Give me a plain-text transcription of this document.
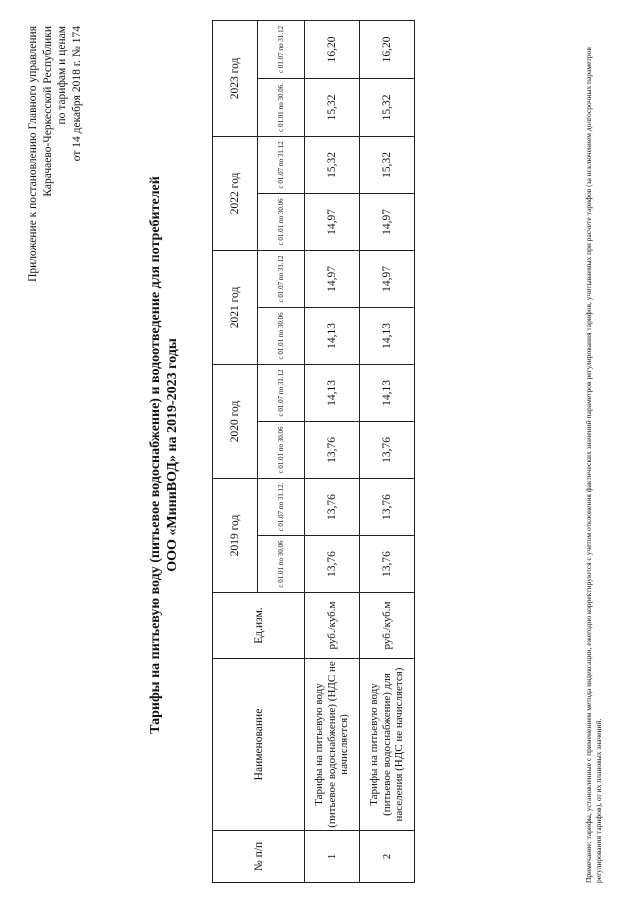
Приложение к постановлению Главного управления Карачаево-Черкесской Республики по тарифам и ценам от 14 декабря 2018 г. № 174
Тарифы на питьевую воду (питьевое водоснабжение) и водоотведение для потребителей ООО «МиниВОД» на 2019-2023 годы
№ п/п	Наименование	Ед.изм.	2019 год		2020 год		2021 год		2022 год		2023 год	
			с 01.01 по 30.06	с 01.07 по 31.12.	с 01.01 по 30.06	с 01.07 по 31.12	с 01.01 по 30.06	с 01.07 по 31.12	с 01.01 по 30.06	с 01.07 по 31.12	с 01.01 по 30.06.	с 01.07 по 31.12
1	Тарифы на питьевую воду (питьевое водоснабжение) (НДС не начисляется)	руб./куб.м	13,76	13,76	13,76	14,13	14,13	14,97	14,97	15,32	15,32	16,20
2	Тарифы на питьевую воду (питьевое водоснабжение) для населения (НДС не начисляется)	руб./куб.м	13,76	13,76	13,76	14,13	14,13	14,97	14,97	15,32	15,32	16,20	Примечание: тарифы, установленные с применением метода индексации, ежегодно корректируются с учетом отклонения фактических значений параметров регулирования тарифов, учитываемых при расчете тарифов (за исключением долгосрочных параметров регулирования тарифов), от их плановых значений.
